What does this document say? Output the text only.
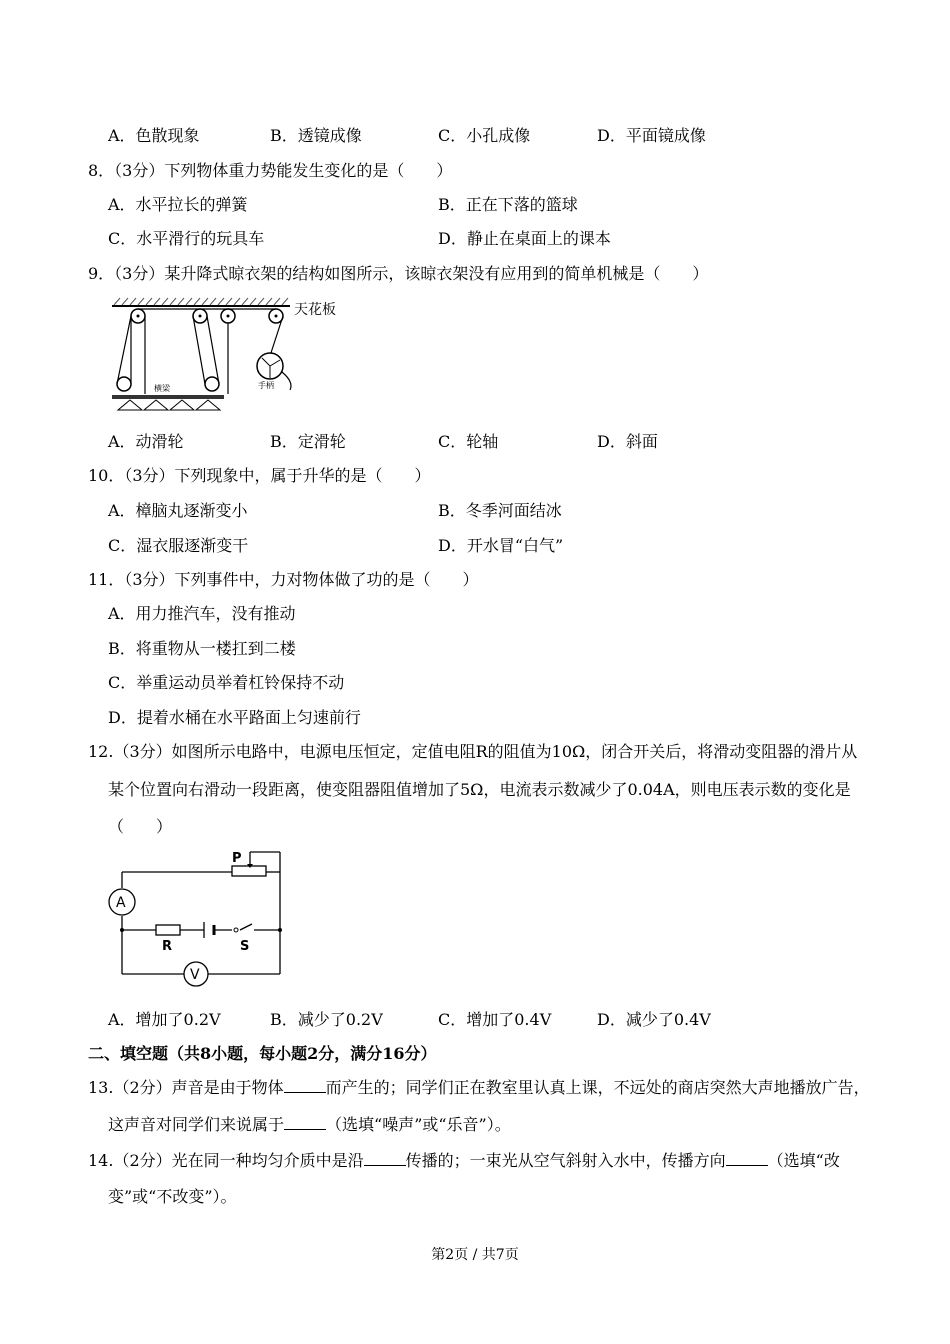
A．色散现象	B．透镜成像	C．小孔成像	D．平面镜成像
8．（3分）下列物体重力势能发生变化的是（　　）
A．水平拉长的弹簧	B．正在下落的篮球
C．水平滑行的玩具车	D．静止在桌面上的课本
9．（3分）某升降式晾衣架的结构如图所示，该晾衣架没有应用到的简单机械是（　　）
天花板
手柄
横梁
A．动滑轮	B．定滑轮	C．轮轴	D．斜面
10．（3分）下列现象中，属于升华的是（　　）
A．樟脑丸逐渐变小	B．冬季河面结冰
C．湿衣服逐渐变干	D．开水冒“白气”
11．（3分）下列事件中，力对物体做了功的是（　　）
A．用力推汽车，没有推动
B．将重物从一楼扛到二楼
C．举重运动员举着杠铃保持不动
D．提着水桶在水平路面上匀速前行
12.（3分）如图所示电路中，电源电压恒定，定值电阻R的阻值为10Ω，闭合开关后，将滑动变阻器的滑片从
某个位置向右滑动一段距离，使变阻器阻值增加了5Ω，电流表示数减少了0.04A，则电压表示数的变化是
（　　）
P
A
R	S
V
A．增加了0.2V	B．减少了0.2V	C．增加了0.4V	D．减少了0.4V
二、填空题（共8小题，每小题2分，满分16分）
13.（2分）声音是由于物体	而产生的；同学们正在教室里认真上课，不远处的商店突然大声地播放广告，
这声音对同学们来说属于	（选填“噪声”或“乐音”）。
14.（2分）光在同一种均匀介质中是沿	传播的；一束光从空气斜射入水中，传播方向	（选填“改
变”或“不改变”）。
第2页 / 共7页
